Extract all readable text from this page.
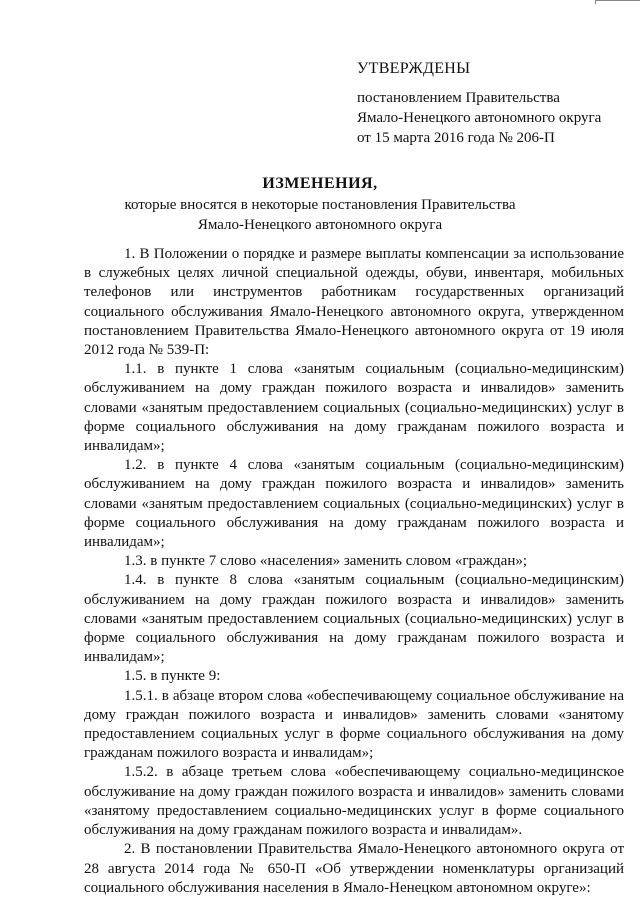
УТВЕРЖДЕНЫ
постановлением Правительства
Ямало-Ненецкого автономного округа
от 15 марта 2016 года № 206-П
ИЗМЕНЕНИЯ,
которые вносятся в некоторые постановления Правительства
Ямало-Ненецкого автономного округа

1. В Положении о порядке и размере выплаты компенсации за использование в служебных целях личной специальной одежды, обуви, инвентаря, мобильных телефонов или инструментов работникам государственных организаций социального обслуживания Ямало-Ненецкого автономного округа, утвержденном постановлением Правительства Ямало-Ненецкого автономного округа от 19 июля 2012 года № 539-П:

1.1. в пункте 1 слова «занятым социальным (социально-медицинским) обслуживанием на дому граждан пожилого возраста и инвалидов» заменить словами «занятым предоставлением социальных (социально-медицинских) услуг в форме социального обслуживания на дому гражданам пожилого возраста и инвалидам»;

1.2. в пункте 4 слова «занятым социальным (социально-медицинским) обслуживанием на дому граждан пожилого возраста и инвалидов» заменить словами «занятым предоставлением социальных (социально-медицинских) услуг в форме социального обслуживания на дому гражданам пожилого возраста и инвалидам»;

1.3. в пункте 7 слово «населения» заменить словом «граждан»;

1.4. в пункте 8 слова «занятым социальным (социально-медицинским) обслуживанием на дому граждан пожилого возраста и инвалидов» заменить словами «занятым предоставлением социальных (социально-медицинских) услуг в форме социального обслуживания на дому гражданам пожилого возраста и инвалидам»;

1.5. в пункте 9:

1.5.1. в абзаце втором слова «обеспечивающему социальное обслуживание на дому граждан пожилого возраста и инвалидов» заменить словами «занятому предоставлением социальных услуг в форме социального обслуживания на дому гражданам пожилого возраста и инвалидам»;

1.5.2. в абзаце третьем слова «обеспечивающему социально-медицинское обслуживание на дому граждан пожилого возраста и инвалидов» заменить словами «занятому предоставлением социально-медицинских услуг в форме социального обслуживания на дому гражданам пожилого возраста и инвалидам».

2. В постановлении Правительства Ямало-Ненецкого автономного округа от 28 августа 2014 года № 650-П «Об утверждении номенклатуры организаций социального обслуживания населения в Ямало-Ненецком автономном округе»:
